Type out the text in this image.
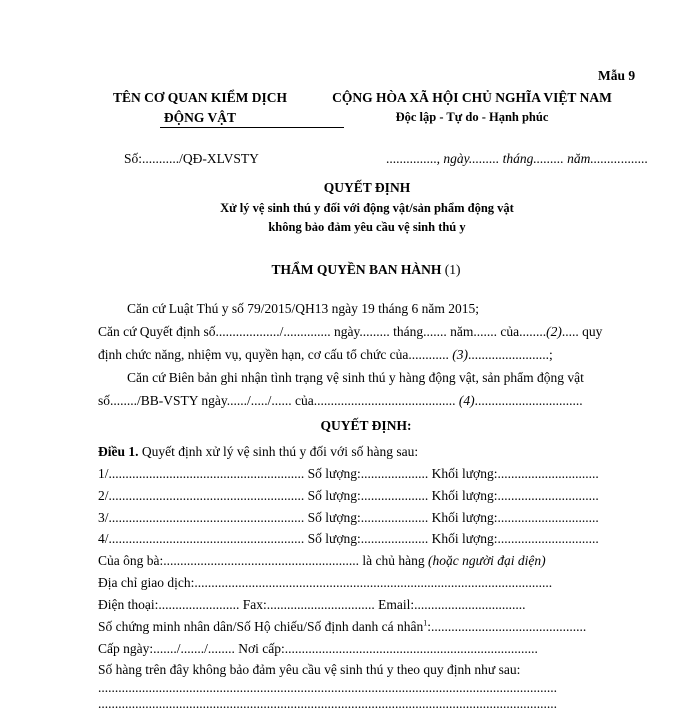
Mẫu 9
TÊN CƠ QUAN KIỂM DỊCH
ĐỘNG VẬT
CỘNG HÒA XÃ HỘI CHỦ NGHĨA VIỆT NAM
Độc lập - Tự do - Hạnh phúc
Số:.........../QĐ-XLVSTY	..............., ngày......... tháng......... năm.................
QUYẾT ĐỊNH
Xử lý vệ sinh thú y đối với động vật/sản phẩm động vật
không bảo đảm yêu cầu vệ sinh thú y
THẨM QUYỀN BAN HÀNH (1)
Căn cứ Luật Thú y số 79/2015/QH13 ngày 19 tháng 6 năm 2015;
Căn cứ Quyết định số.................../.............. ngày......... tháng....... năm....... của........(2)..... quy
định chức năng, nhiệm vụ, quyền hạn, cơ cấu tổ chức của............ (3)........................;
Căn cứ Biên bản ghi nhận tình trạng vệ sinh thú y hàng động vật, sản phẩm động vật
số......../BB-VSTY ngày....../...../...... của.......................................... (4)................................
QUYẾT ĐỊNH:
Điều 1. Quyết định xử lý vệ sinh thú y đối với số hàng sau:
1/.......................................................... Số lượng:.................... Khối lượng:..............................
2/.......................................................... Số lượng:.................... Khối lượng:..............................
3/.......................................................... Số lượng:.................... Khối lượng:..............................
4/.......................................................... Số lượng:.................... Khối lượng:..............................
Của ông bà:.......................................................... là chủ hàng (hoặc người đại diện)
Địa chỉ giao dịch:..........................................................................................................
Điện thoại:........................ Fax:................................ Email:.................................
Số chứng minh nhân dân/Số Hộ chiếu/Số định danh cá nhân$^1$:..............................................
Cấp ngày:......./......./........ Nơi cấp:...........................................................................
Số hàng trên đây không bảo đảm yêu cầu vệ sinh thú y theo quy định như sau:
........................................................................................................................................
........................................................................................................................................
